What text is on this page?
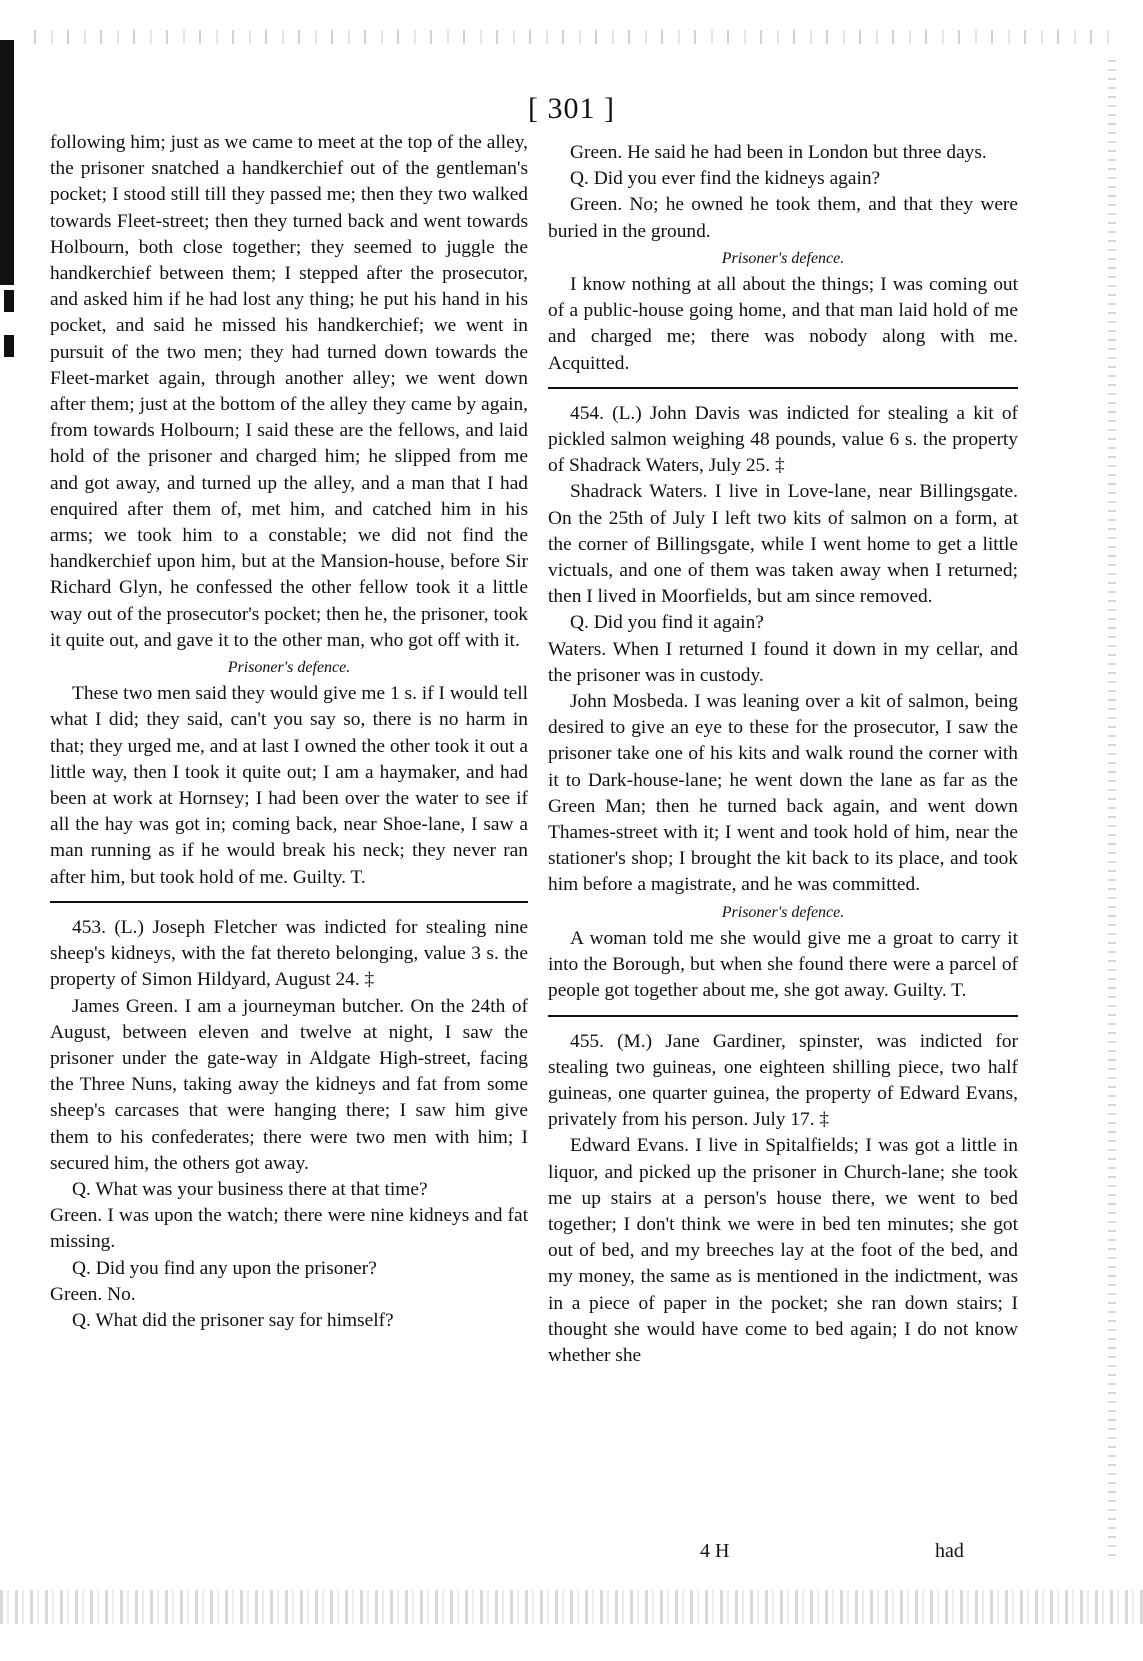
[ 301 ]

following him; just as we came to meet at the top of the alley, the prisoner snatched a handkerchief out of the gentleman's pocket; I stood still till they passed me; then they two walked towards Fleet-street; then they turned back and went towards Holbourn, both close together; they seemed to juggle the handkerchief between them; I stepped after the prosecutor, and asked him if he had lost any thing; he put his hand in his pocket, and said he missed his handkerchief; we went in pursuit of the two men; they had turned down towards the Fleet-market again, through another alley; we went down after them; just at the bottom of the alley they came by again, from towards Holbourn; I said these are the fellows, and laid hold of the prisoner and charged him; he slipped from me and got away, and turned up the alley, and a man that I had enquired after them of, met him, and catched him in his arms; we took him to a constable; we did not find the handkerchief upon him, but at the Mansion-house, before Sir Richard Glyn, he confessed the other fellow took it a little way out of the prosecutor's pocket; then he, the prisoner, took it quite out, and gave it to the other man, who got off with it.

Prisoner's defence.

These two men said they would give me 1 s. if I would tell what I did; they said, can't you say so, there is no harm in that; they urged me, and at last I owned the other took it out a little way, then I took it quite out; I am a haymaker, and had been at work at Hornsey; I had been over the water to see if all the hay was got in; coming back, near Shoe-lane, I saw a man running as if he would break his neck; they never ran after him, but took hold of me. Guilty. T.

453. (L.) Joseph Fletcher was indicted for stealing nine sheep's kidneys, with the fat thereto belonging, value 3 s. the property of Simon Hildyard, August 24. ‡

James Green. I am a journeyman butcher. On the 24th of August, between eleven and twelve at night, I saw the prisoner under the gate-way in Aldgate High-street, facing the Three Nuns, taking away the kidneys and fat from some sheep's carcases that were hanging there; I saw him give them to his confederates; there were two men with him; I secured him, the others got away.

Q. What was your business there at that time?

Green. I was upon the watch; there were nine kidneys and fat missing.

Q. Did you find any upon the prisoner?

Green. No.

Q. What did the prisoner say for himself?

Green. He said he had been in London but three days.

Q. Did you ever find the kidneys again?

Green. No; he owned he took them, and that they were buried in the ground.

Prisoner's defence.

I know nothing at all about the things; I was coming out of a public-house going home, and that man laid hold of me and charged me; there was nobody along with me. Acquitted.

454. (L.) John Davis was indicted for stealing a kit of pickled salmon weighing 48 pounds, value 6 s. the property of Shadrack Waters, July 25. ‡

Shadrack Waters. I live in Love-lane, near Billingsgate. On the 25th of July I left two kits of salmon on a form, at the corner of Billingsgate, while I went home to get a little victuals, and one of them was taken away when I returned; then I lived in Moorfields, but am since removed.

Q. Did you find it again?

Waters. When I returned I found it down in my cellar, and the prisoner was in custody.

John Mosbeda. I was leaning over a kit of salmon, being desired to give an eye to these for the prosecutor, I saw the prisoner take one of his kits and walk round the corner with it to Dark-house-lane; he went down the lane as far as the Green Man; then he turned back again, and went down Thames-street with it; I went and took hold of him, near the stationer's shop; I brought the kit back to its place, and took him before a magistrate, and he was committed.

Prisoner's defence.

A woman told me she would give me a groat to carry it into the Borough, but when she found there were a parcel of people got together about me, she got away. Guilty. T.

455. (M.) Jane Gardiner, spinster, was indicted for stealing two guineas, one eighteen shilling piece, two half guineas, one quarter guinea, the property of Edward Evans, privately from his person. July 17. ‡

Edward Evans. I live in Spitalfields; I was got a little in liquor, and picked up the prisoner in Church-lane; she took me up stairs at a person's house there, we went to bed together; I don't think we were in bed ten minutes; she got out of bed, and my breeches lay at the foot of the bed, and my money, the same as is mentioned in the indictment, was in a piece of paper in the pocket; she ran down stairs; I thought she would have come to bed again; I do not know whether she

4 H	had
